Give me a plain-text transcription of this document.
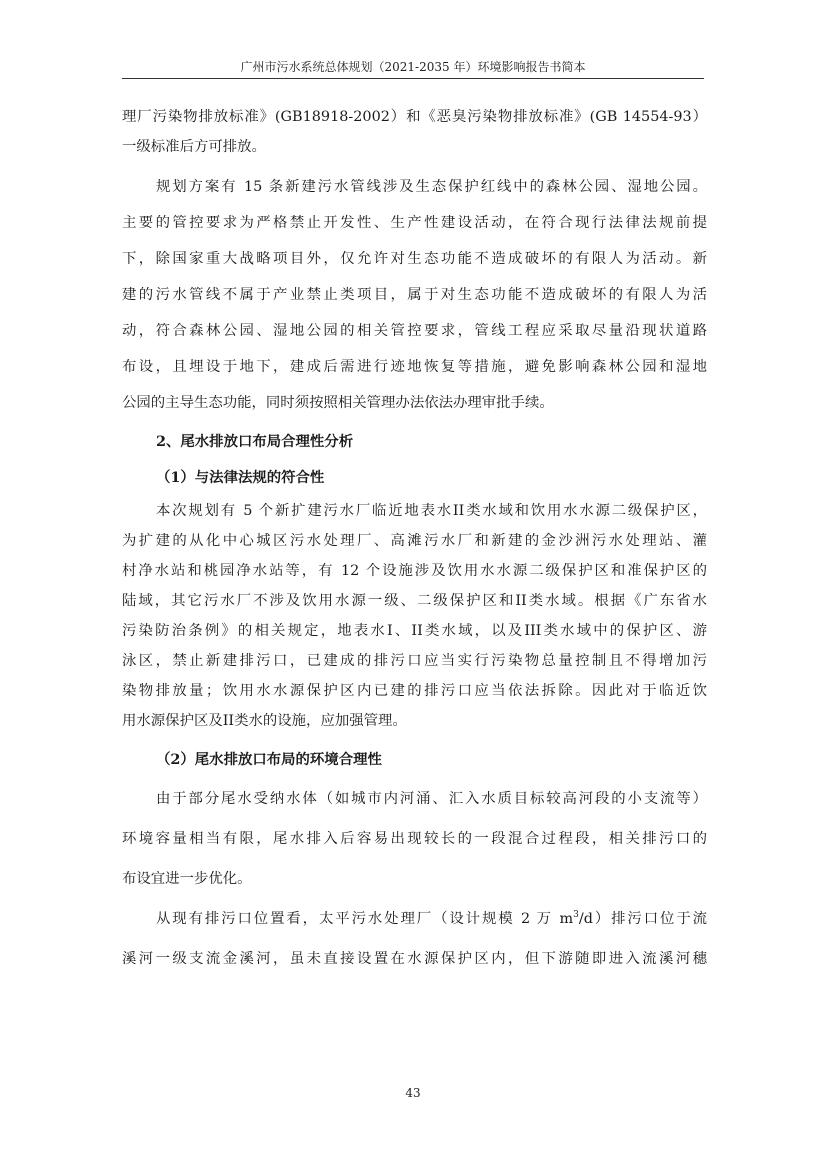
广州市污水系统总体规划（2021-2035 年）环境影响报告书简本
理厂污染物排放标准》(GB18918-2002）和《恶臭污染物排放标准》(GB 14554-93）
一级标准后方可排放。
规划方案有 15 条新建污水管线涉及生态保护红线中的森林公园、湿地公园。
主要的管控要求为严格禁止开发性、生产性建设活动，在符合现行法律法规前提
下，除国家重大战略项目外，仅允许对生态功能不造成破坏的有限人为活动。新
建的污水管线不属于产业禁止类项目，属于对生态功能不造成破坏的有限人为活
动，符合森林公园、湿地公园的相关管控要求，管线工程应采取尽量沿现状道路
布设，且埋设于地下，建成后需进行迹地恢复等措施，避免影响森林公园和湿地
公园的主导生态功能，同时须按照相关管理办法依法办理审批手续。
2、尾水排放口布局合理性分析
（1）与法律法规的符合性
本次规划有 5 个新扩建污水厂临近地表水II类水域和饮用水水源二级保护区，
为扩建的从化中心城区污水处理厂、高滩污水厂和新建的金沙洲污水处理站、灌
村净水站和桃园净水站等，有 12 个设施涉及饮用水水源二级保护区和准保护区的
陆域，其它污水厂不涉及饮用水源一级、二级保护区和II类水域。根据《广东省水
污染防治条例》的相关规定，地表水I、II类水域，以及III类水域中的保护区、游
泳区，禁止新建排污口，已建成的排污口应当实行污染物总量控制且不得增加污
染物排放量；饮用水水源保护区内已建的排污口应当依法拆除。因此对于临近饮
用水源保护区及II类水的设施，应加强管理。
（2）尾水排放口布局的环境合理性
由于部分尾水受纳水体（如城市内河涌、汇入水质目标较高河段的小支流等）
环境容量相当有限，尾水排入后容易出现较长的一段混合过程段，相关排污口的
布设宜进一步优化。
从现有排污口位置看，太平污水处理厂（设计规模 2 万 $m^3/d$）排污口位于流
溪河一级支流金溪河，虽未直接设置在水源保护区内，但下游随即进入流溪河穗
43
